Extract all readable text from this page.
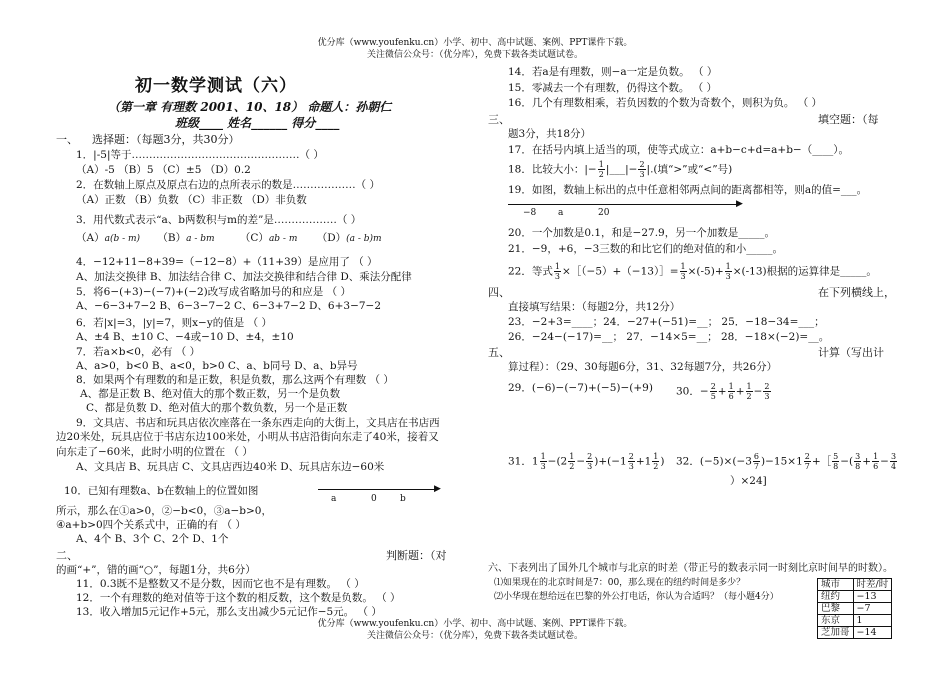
优分库（www.youfenku.cn）小学、初中、高中试题、案例、PPT课件下载。
关注微信公众号：（优分库），免费下载各类试题试卷。
优分库（www.youfenku.cn）小学、初中、高中试题、案例、PPT课件下载。
关注微信公众号：（优分库），免费下载各类试题试卷。
初一数学测试（六）
（第一章 有理数 2001、10、18） 命题人：孙朝仁
班级____ 姓名______ 得分____
一、 选择题：（每题3分，共30分）
1．|-5|等于…………………………………………（ ）
（A）-5 （B）5 （C）±5 （D）0.2
2．在数轴上原点及原点右边的点所表示的数是………………（ ）
（A）正数 （B）负数 （C）非正数 （D）非负数
3．用代数式表示“a、b两数积与m的差”是………………（ ）
（A）a(b - m) （B）a - bm （C）ab - m （D）(a - b)m
4．−12+11−8+39=（−12−8）+（11+39）是应用了 （ ）
A、加法交换律 B、加法结合律 C、加法交换律和结合律 D、乘法分配律
5．将6−(+3)−(−7)+(−2)改写成省略加号的和应是 （ ）
A、−6−3+7−2 B、6−3−7−2 C、6−3+7−2 D、6+3−7−2
6．若|x|=3，|y|=7，则x−y的值是 （ ）
A、±4 B、±10 C、−4或−10 D、±4，±10
7．若a×b<0，必有 （ ）
A、a>0，b<0 B、a<0，b>0 C、a、b同号 D、a、b异号
8．如果两个有理数的和是正数，积是负数，那么这两个有理数 （ ）
A、都是正数 B、绝对值大的那个数正数，另一个是负数
C、都是负数 D、绝对值大的那个数负数，另一个是正数
9．文具店、书店和玩具店依次座落在一条东西走向的大街上，文具店在书店西
边20米处，玩具店位于书店东边100米处，小明从书店沿街向东走了40米，接着又
向东走了−60米，此时小明的位置在 （ ）
A、文具店 B、玩具店 C、文具店西边40米 D、玩具店东边−60米
10．已知有理数a、b在数轴上的位置如图	▶
a	0	b
所示，那么在①a>0，②−b<0，③a−b>0，
④a+b>0四个关系式中，正确的有 （ ）
A、4个 B、3个 C、2个 D、1个
二、	判断题：（对
的画“+”，错的画“○”，每题1分，共6分）
11．0.3既不是整数又不是分数，因而它也不是有理数。 （ ）
12．一个有理数的绝对值等于这个数的相反数，这个数是负数。 （ ）
13．收入增加5元记作+5元，那么支出减少5元记作−5元。 （ ）
14．若a是有理数，则−a一定是负数。 （ ）
15．零减去一个有理数，仍得这个数。 （ ）
16．几个有理数相乘，若负因数的个数为奇数个，则积为负。 （ ）
三、	填空题：（每
题3分，共18分）
17．在括号内填上适当的项，使等式成立：a+b−c+d=a+b−（____）。
18．比较大小：|− $\frac{1}{2}$ |___|− $\frac{2}{3}$ |.(填“>”或“<”号)
19．如图，数轴上标出的点中任意相邻两点间的距离都相等，则a的值=___。
▶
−8 a	20
20．一个加数是0.1，和是−27.9，另一个加数是_____。
21．−9，+6，−3三数的和比它们的绝对值的和小_____。
22．等式 $\frac{1}{3}$ ×［（−5）+（−13）］= $\frac{1}{3} \times(-5)+ \frac{1}{3} \times(-13)$根据的运算律是_____。
四、	在下列横线上，
直接填写结果：（每题2分，共12分）
23．−2+3=____；24．−27+(−51)=__； 25．−18−34=___；
26．−24−(−17)=__； 27．−14×5=__； 28．−18×(−2)=__。
五、	计算（写出计
算过程）：（29、30每题6分，31、32每题7分，共26分）
29．(−6)−(−7)+(−5)−(+9) 30．− $\frac{2}{5} + \frac{1}{6} + \frac{1}{2} - \frac{2}{3}$
31．$1 \frac{1}{3} -(2 \frac{1}{2} - \frac{2}{3} )+(-1 \frac{2}{3} +1 \frac{1}{2}$ ) 32．$(-5)\times(-3 \frac{6}{7} )-15\times 1 \frac{2}{7}$ +［ $\frac{5}{8}$ −( $\frac{3}{8} + \frac{1}{6} - \frac{3}{4}$
）×24]
六、下表列出了国外几个城市与北京的时差（带正号的数表示同一时刻比京时间早的时数）。
⑴如果现在的北京时间是7：00，那么现在的纽约时间是多少？
⑵小华现在想给远在巴黎的外公打电话，你认为合适吗？（每小题4分）
城市	时差/时
纽约	−13
巴黎	−7
东京	1
芝加哥	−14
